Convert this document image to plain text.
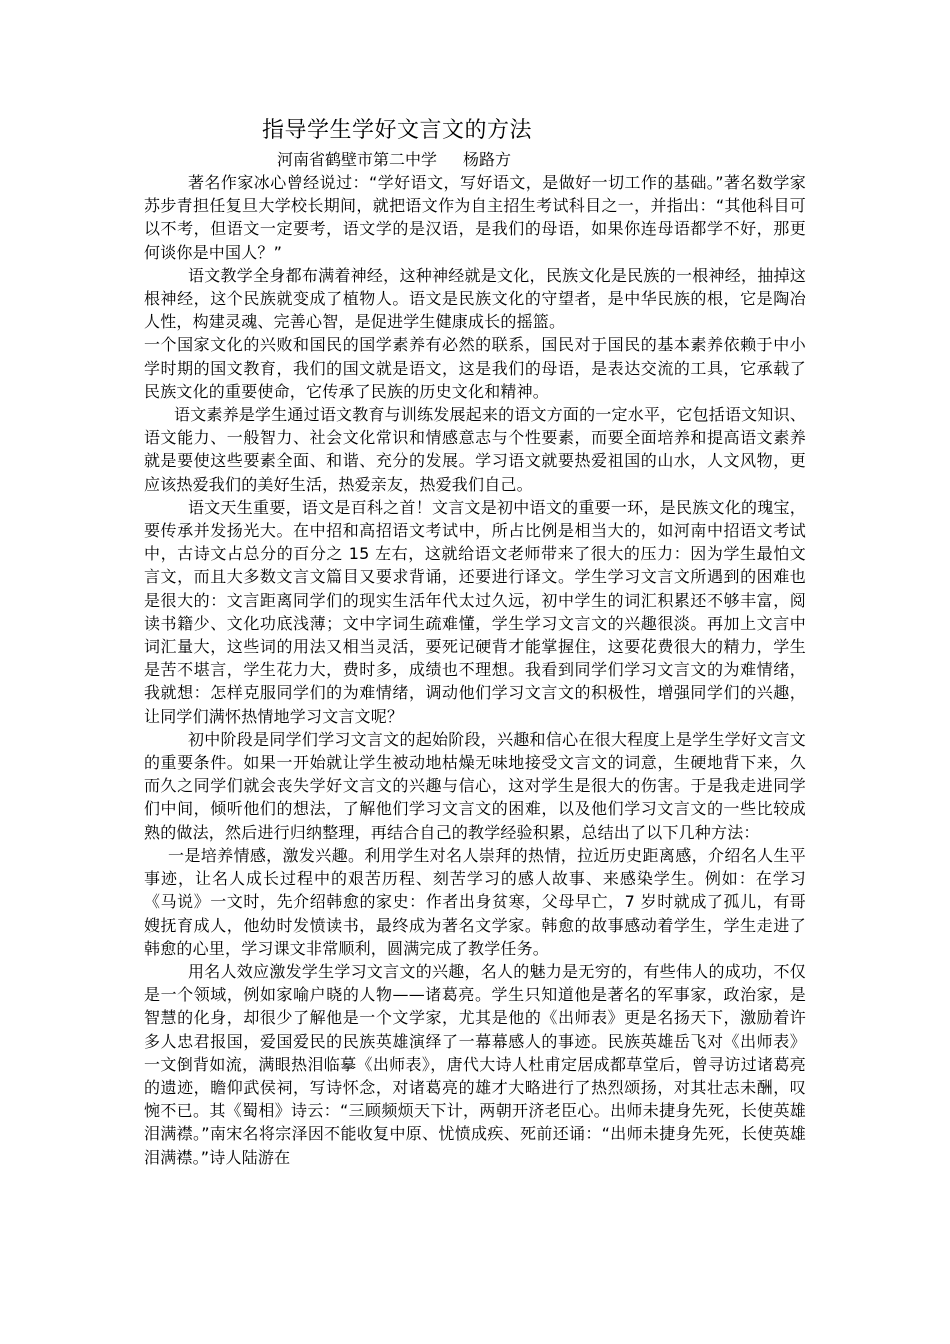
指导学生学好文言文的方法
河南省鹤壁市第二中学 杨路方

著名作家冰心曾经说过：“学好语文，写好语文，是做好一切工作的基础。”著名数学家苏步青担任复旦大学校长期间，就把语文作为自主招生考试科目之一，并指出：“其他科目可以不考，但语文一定要考，语文学的是汉语，是我们的母语，如果你连母语都学不好，那更何谈你是中国人？”

语文教学全身都布满着神经，这种神经就是文化，民族文化是民族的一根神经，抽掉这根神经，这个民族就变成了植物人。语文是民族文化的守望者，是中华民族的根，它是陶冶人性，构建灵魂、完善心智，是促进学生健康成长的摇篮。

一个国家文化的兴败和国民的国学素养有必然的联系，国民对于国民的基本素养依赖于中小学时期的国文教育，我们的国文就是语文，这是我们的母语，是表达交流的工具，它承载了民族文化的重要使命，它传承了民族的历史文化和精神。

语文素养是学生通过语文教育与训练发展起来的语文方面的一定水平，它包括语文知识、语文能力、一般智力、社会文化常识和情感意志与个性要素，而要全面培养和提高语文素养就是要使这些要素全面、和谐、充分的发展。学习语文就要热爱祖国的山水，人文风物，更应该热爱我们的美好生活，热爱亲友，热爱我们自己。

语文天生重要，语文是百科之首！文言文是初中语文的重要一环，是民族文化的瑰宝，要传承并发扬光大。在中招和高招语文考试中，所占比例是相当大的，如河南中招语文考试中，古诗文占总分的百分之 15 左右，这就给语文老师带来了很大的压力：因为学生最怕文言文，而且大多数文言文篇目又要求背诵，还要进行译文。学生学习文言文所遇到的困难也是很大的：文言距离同学们的现实生活年代太过久远，初中学生的词汇积累还不够丰富，阅读书籍少、文化功底浅薄；文中字词生疏难懂，学生学习文言文的兴趣很淡。再加上文言中词汇量大，这些词的用法又相当灵活，要死记硬背才能掌握住，这要花费很大的精力，学生是苦不堪言，学生花力大，费时多，成绩也不理想。我看到同学们学习文言文的为难情绪，我就想：怎样克服同学们的为难情绪，调动他们学习文言文的积极性，增强同学们的兴趣，让同学们满怀热情地学习文言文呢？

初中阶段是同学们学习文言文的起始阶段，兴趣和信心在很大程度上是学生学好文言文的重要条件。如果一开始就让学生被动地枯燥无味地接受文言文的词意，生硬地背下来，久而久之同学们就会丧失学好文言文的兴趣与信心，这对学生是很大的伤害。于是我走进同学们中间，倾听他们的想法，了解他们学习文言文的困难，以及他们学习文言文的一些比较成熟的做法，然后进行归纳整理，再结合自己的教学经验积累，总结出了以下几种方法：

一是培养情感，激发兴趣。利用学生对名人崇拜的热情，拉近历史距离感，介绍名人生平事迹，让名人成长过程中的艰苦历程、刻苦学习的感人故事、来感染学生。例如：在学习《马说》一文时，先介绍韩愈的家史：作者出身贫寒，父母早亡，7 岁时就成了孤儿，有哥嫂抚育成人，他幼时发愤读书，最终成为著名文学家。韩愈的故事感动着学生，学生走进了韩愈的心里，学习课文非常顺利，圆满完成了教学任务。

用名人效应激发学生学习文言文的兴趣，名人的魅力是无穷的，有些伟人的成功，不仅是一个领域，例如家喻户晓的人物——诸葛亮。学生只知道他是著名的军事家，政治家，是智慧的化身，却很少了解他是一个文学家，尤其是他的《出师表》更是名扬天下，激励着许多人忠君报国，爱国爱民的民族英雄演绎了一幕幕感人的事迹。民族英雄岳飞对《出师表》一文倒背如流，满眼热泪临摹《出师表》，唐代大诗人杜甫定居成都草堂后，曾寻访过诸葛亮的遗迹，瞻仰武侯祠，写诗怀念，对诸葛亮的雄才大略进行了热烈颂扬，对其壮志未酬，叹惋不已。其《蜀相》诗云：“三顾频烦天下计，两朝开济老臣心。出师未捷身先死，长使英雄泪满襟。”南宋名将宗泽因不能收复中原、忧愤成疾、死前还诵：“出师未捷身先死，长使英雄泪满襟。”诗人陆游在
